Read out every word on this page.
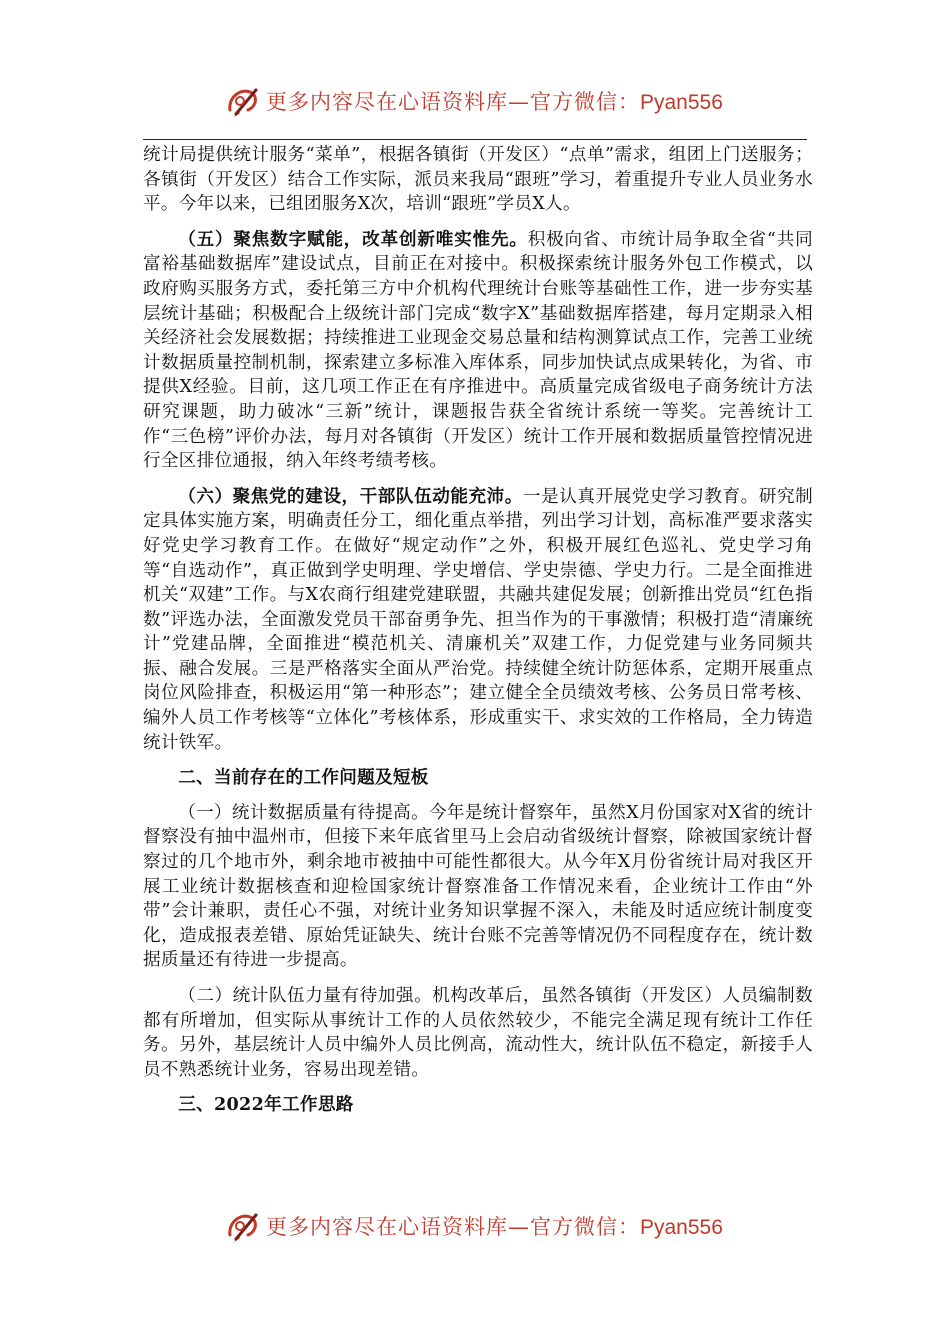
更多内容尽在心语资料库—官方微信：Pyan556

统计局提供统计服务“菜单”，根据各镇街（开发区）“点单”需求，组团上门送服务；各镇街（开发区）结合工作实际，派员来我局“跟班”学习，着重提升专业人员业务水平。今年以来，已组团服务X次，培训“跟班”学员X人。

（五）聚焦数字赋能，改革创新唯实惟先。积极向省、市统计局争取全省“共同富裕基础数据库”建设试点，目前正在对接中。积极探索统计服务外包工作模式，以政府购买服务方式，委托第三方中介机构代理统计台账等基础性工作，进一步夯实基层统计基础；积极配合上级统计部门完成“数字X”基础数据库搭建，每月定期录入相关经济社会发展数据；持续推进工业现金交易总量和结构测算试点工作，完善工业统计数据质量控制机制，探索建立多标准入库体系，同步加快试点成果转化，为省、市提供X经验。目前，这几项工作正在有序推进中。高质量完成省级电子商务统计方法研究课题，助力破冰“三新”统计，课题报告获全省统计系统一等奖。完善统计工作“三色榜”评价办法，每月对各镇街（开发区）统计工作开展和数据质量管控情况进行全区排位通报，纳入年终考绩考核。

（六）聚焦党的建设，干部队伍动能充沛。一是认真开展党史学习教育。研究制定具体实施方案，明确责任分工，细化重点举措，列出学习计划，高标准严要求落实好党史学习教育工作。在做好“规定动作”之外，积极开展红色巡礼、党史学习角等“自选动作”，真正做到学史明理、学史增信、学史崇德、学史力行。二是全面推进机关“双建”工作。与X农商行组建党建联盟，共融共建促发展；创新推出党员“红色指数”评选办法，全面激发党员干部奋勇争先、担当作为的干事激情；积极打造“清廉统计”党建品牌，全面推进“模范机关、清廉机关”双建工作，力促党建与业务同频共振、融合发展。三是严格落实全面从严治党。持续健全统计防惩体系，定期开展重点岗位风险排查，积极运用“第一种形态”；建立健全全员绩效考核、公务员日常考核、编外人员工作考核等“立体化”考核体系，形成重实干、求实效的工作格局，全力铸造统计铁军。

二、当前存在的工作问题及短板

（一）统计数据质量有待提高。今年是统计督察年，虽然X月份国家对X省的统计督察没有抽中温州市，但接下来年底省里马上会启动省级统计督察，除被国家统计督察过的几个地市外，剩余地市被抽中可能性都很大。从今年X月份省统计局对我区开展工业统计数据核查和迎检国家统计督察准备工作情况来看，企业统计工作由“外带”会计兼职，责任心不强，对统计业务知识掌握不深入，未能及时适应统计制度变化，造成报表差错、原始凭证缺失、统计台账不完善等情况仍不同程度存在，统计数据质量还有待进一步提高。

（二）统计队伍力量有待加强。机构改革后，虽然各镇街（开发区）人员编制数都有所增加，但实际从事统计工作的人员依然较少，不能完全满足现有统计工作任务。另外，基层统计人员中编外人员比例高，流动性大，统计队伍不稳定，新接手人员不熟悉统计业务，容易出现差错。

三、2022年工作思路

更多内容尽在心语资料库—官方微信：Pyan556
